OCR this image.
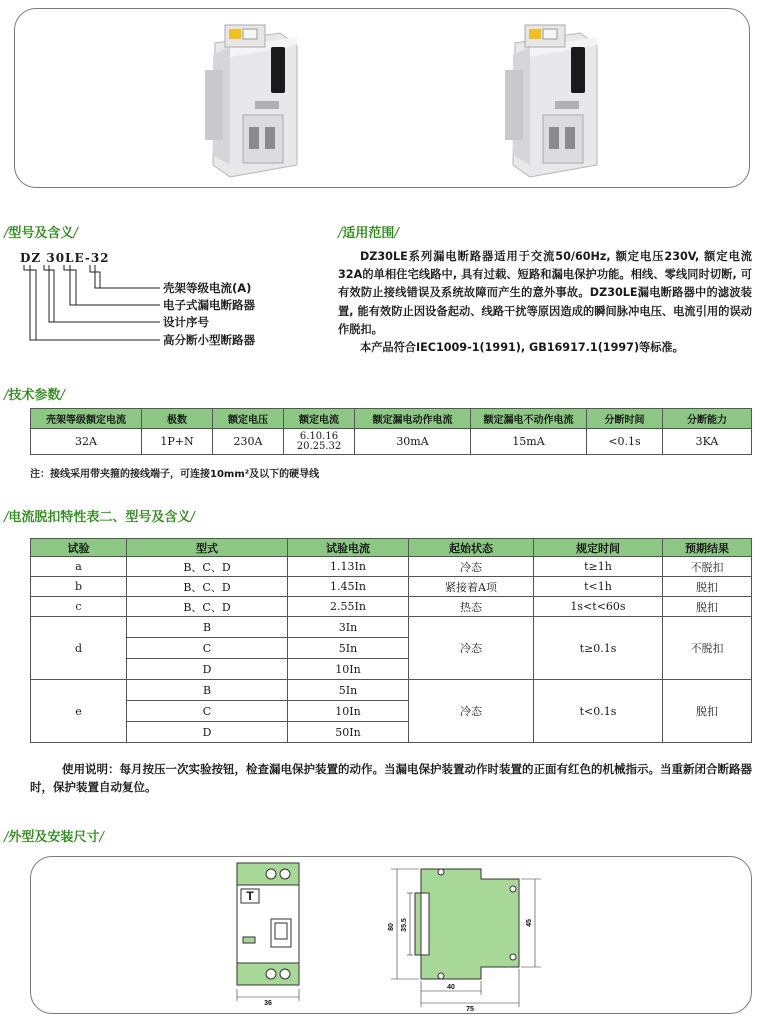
/型号及含义/
DZ 30LE-32
壳架等级电流(A)
电子式漏电断路器
设计序号
高分断小型断路器
/适用范围/

DZ30LE系列漏电断路器适用于交流50/60Hz, 额定电压230V, 额定电流32A的单相住宅线路中, 具有过载、短路和漏电保护功能。相线、零线同时切断, 可有效防止接线错误及系统故障而产生的意外事故。DZ30LE漏电断路器中的滤波装置, 能有效防止因设备起动、线路干扰等原因造成的瞬间脉冲电压、电流引用的误动作脱扣。

本产品符合IEC1009-1(1991), GB16917.1(1997)等标准。

/技术参数/
壳架等级额定电流	极数	额定电压	额定电流	额定漏电动作电流	额定漏电不动作电流	分断时间	分断能力
32A	1P+N	230A	6.10.16
20.25.32	30mA	15mA	<0.1s	3KA
注：接线采用带夹箍的接线端子，可连接10mm²及以下的硬导线
/电流脱扣特性表二、型号及含义/
试验	型式	试验电流	起始状态	规定时间	预期结果
a	B、C、D	1.13In	冷态	t≥1h	不脱扣
b	B、C、D	1.45In	紧接着A项	t<1h	脱扣
c	B、C、D	2.55In	热态	1s<t<60s	脱扣
d	B	3In	冷态	t≥0.1s	不脱扣
	C	5In			
	D	10In			
e	B	5In	冷态	t<0.1s	脱扣
	C	10In			
	D	50In			

使用说明：每月按压一次实验按钮，检查漏电保护装置的动作。当漏电保护装置动作时装置的正面有红色的机械指示。当重新闭合断路器时，保护装置自动复位。

/外型及安装尺寸/
T
36
80 35.5	45
40
75
